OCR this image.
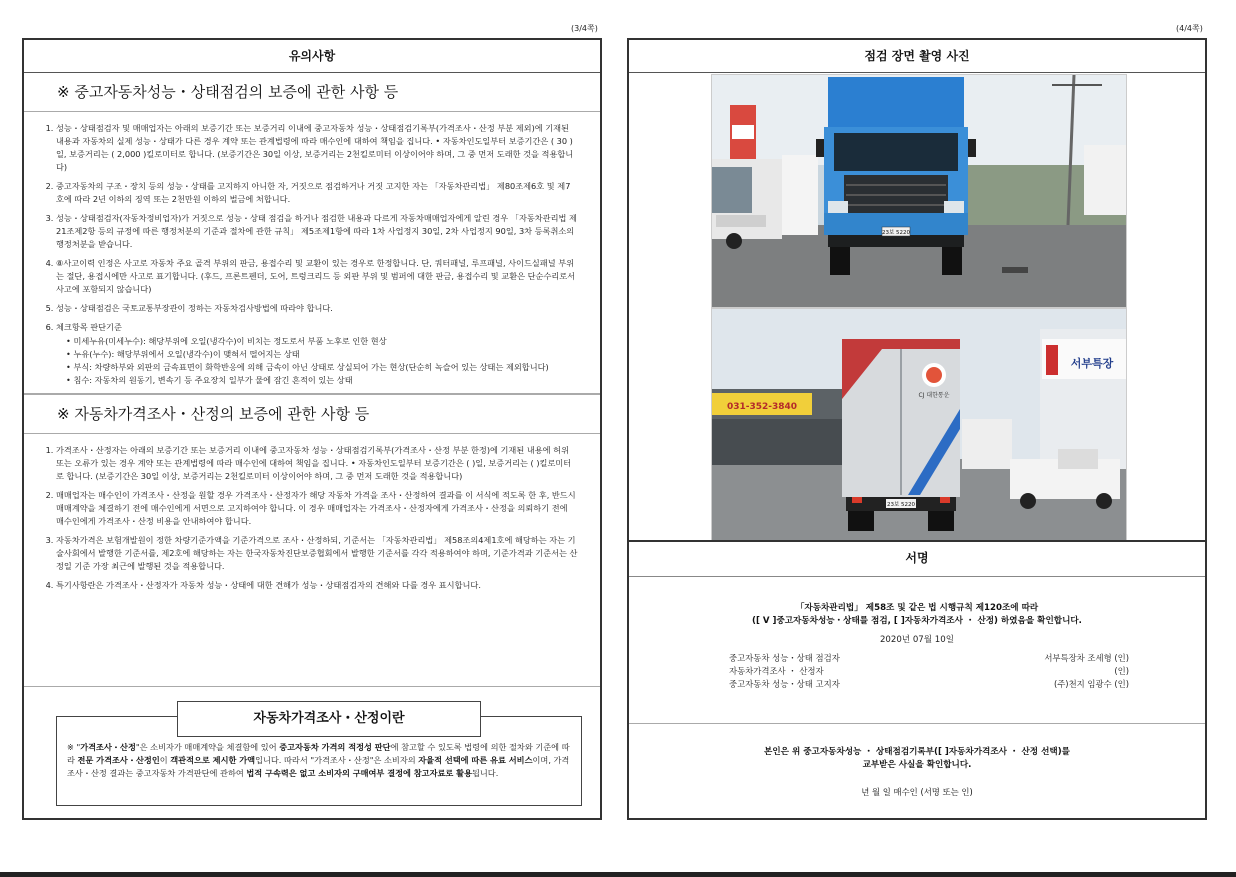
(3/4쪽)	(4/4쪽)
유의사항
※ 중고자동차성능・상태점검의 보증에 관한 사항 등
1. 성능・상태점검자 및 매매업자는 아래의 보증기간 또는 보증거리 이내에 중고자동차 성능・상태점검기록부(가격조사・산정 부분 제외)에 기재된 내용과 자동차의 실제 성능・상태가 다른 경우 계약 또는 관계법령에 따라 매수인에 대하여 책임을 집니다. • 자동차인도일부터 보증기간은 ( 30 )일, 보증거리는 ( 2,000 )킬로미터로 합니다. (보증기간은 30일 이상, 보증거리는 2천킬로미터 이상이어야 하며, 그 중 먼저 도래한 것을 적용합니다)
2. 중고자동차의 구조・장치 등의 성능・상태를 고지하지 아니한 자, 거짓으로 점검하거나 거짓 고지한 자는 「자동차관리법」 제80조제6호 및 제7호에 따라 2년 이하의 징역 또는 2천만원 이하의 벌금에 처합니다.
3. 성능・상태점검자(자동차정비업자)가 거짓으로 성능・상태 점검을 하거나 점검한 내용과 다르게 자동차매매업자에게 알린 경우 「자동차관리법 제21조제2항 등의 규정에 따른 행정처분의 기준과 절차에 관한 규칙」 제5조제1항에 따라 1차 사업정지 30일, 2차 사업정지 90일, 3차 등록취소의 행정처분을 받습니다.
4. ⑧사고이력 인정은 사고로 자동차 주요 골격 부위의 판금, 용접수리 및 교환이 있는 경우로 한정합니다. 단, 쿼터패널, 루프패널, 사이드실패널 부위는 절단, 용접시에만 사고로 표기합니다. (후드, 프론트펜더, 도어, 트렁크리드 등 외판 부위 및 범퍼에 대한 판금, 용접수리 및 교환은 단순수리로서 사고에 포함되지 않습니다)
5. 성능・상태점검은 국토교통부장관이 정하는 자동차검사방법에 따라야 합니다.
6. 체크항목 판단기준
• 미세누유(미세누수): 해당부위에 오일(냉각수)이 비치는 정도로서 부품 노후로 인한 현상
• 누유(누수): 해당부위에서 오일(냉각수)이 맺혀서 떨어지는 상태
• 부식: 차량하부와 외판의 금속표면이 화학반응에 의해 금속이 아닌 상태로 상실되어 가는 현상(단순히 녹슬어 있는 상태는 제외합니다)
• 침수: 자동차의 원동기, 변속기 등 주요장치 일부가 물에 잠긴 흔적이 있는 상태
※ 자동차가격조사・산정의 보증에 관한 사항 등
1. 가격조사・산정자는 아래의 보증기간 또는 보증거리 이내에 중고자동차 성능・상태점검기록부(가격조사・산정 부분 한정)에 기재된 내용에 허위 또는 오류가 있는 경우 계약 또는 관계법령에 따라 매수인에 대하여 책임을 집니다. • 자동차인도일부터 보증기간은 ( )일, 보증거리는 ( )킬로미터로 합니다. (보증기간은 30일 이상, 보증거리는 2천킬로미터 이상이어야 하며, 그 중 먼저 도래한 것을 적용합니다)
2. 매매업자는 매수인이 가격조사・산정을 원할 경우 가격조사・산정자가 해당 자동차 가격을 조사・산정하여 결과를 이 서식에 적도록 한 후, 반드시 매매계약을 체결하기 전에 매수인에게 서면으로 고지하여야 합니다. 이 경우 매매업자는 가격조사・산정자에게 가격조사・산정을 의뢰하기 전에 매수인에게 가격조사・산정 비용을 안내하여야 합니다.
3. 자동차가격은 보험개발원이 정한 차량기준가액을 기준가격으로 조사・산정하되, 기준서는 「자동차관리법」 제58조의4제1호에 해당하는 자는 기술사회에서 발행한 기준서를, 제2호에 해당하는 자는 한국자동차진단보증협회에서 발행한 기준서를 각각 적용하여야 하며, 기준가격과 기준서는 산정일 기준 가장 최근에 발행된 것을 적용합니다.
4. 특기사항란은 가격조사・산정자가 자동차 성능・상태에 대한 견해가 성능・상태점검자의 견해와 다를 경우 표시합니다.
자동차가격조사・산정이란
※ "가격조사・산정"은 소비자가 매매계약을 체결함에 있어 중고자동차 가격의 적정성 판단에 참고할 수 있도록 법령에 의한 절차와 기준에 따라 전문 가격조사・산정인이 객관적으로 제시한 가액입니다. 따라서 "가격조사・산정"은 소비자의 자율적 선택에 따른 유료 서비스이며, 가격조사・산정 결과는 중고자동차 가격판단에 관하여 법적 구속력은 없고 소비자의 구매여부 결정에 참고자료로 활용됩니다.
점검 장면 촬영 사진
23보 5220
031-352-3840
서부특장
CJ 대한통운
23보 5220
서명
「자동차관리법」 제58조 및 같은 법 시행규칙 제120조에 따라
([ V ]중고자동차성능・상태를 점검, [ ]자동차가격조사 ・ 산정) 하였음을 확인합니다.
2020년 07월 10일
중고자동차 성능・상태 점검자	서부특장차 조세형 (인)
자동차가격조사 ・ 산정자	(인)
중고자동차 성능・상태 고지자	(주)천지 임광수 (인)
본인은 위 중고자동차성능 ・ 상태점검기록부([ ]자동차가격조사 ・ 산정 선택)를
교부받은 사실을 확인합니다.
년 월 일 매수인 (서명 또는 인)
